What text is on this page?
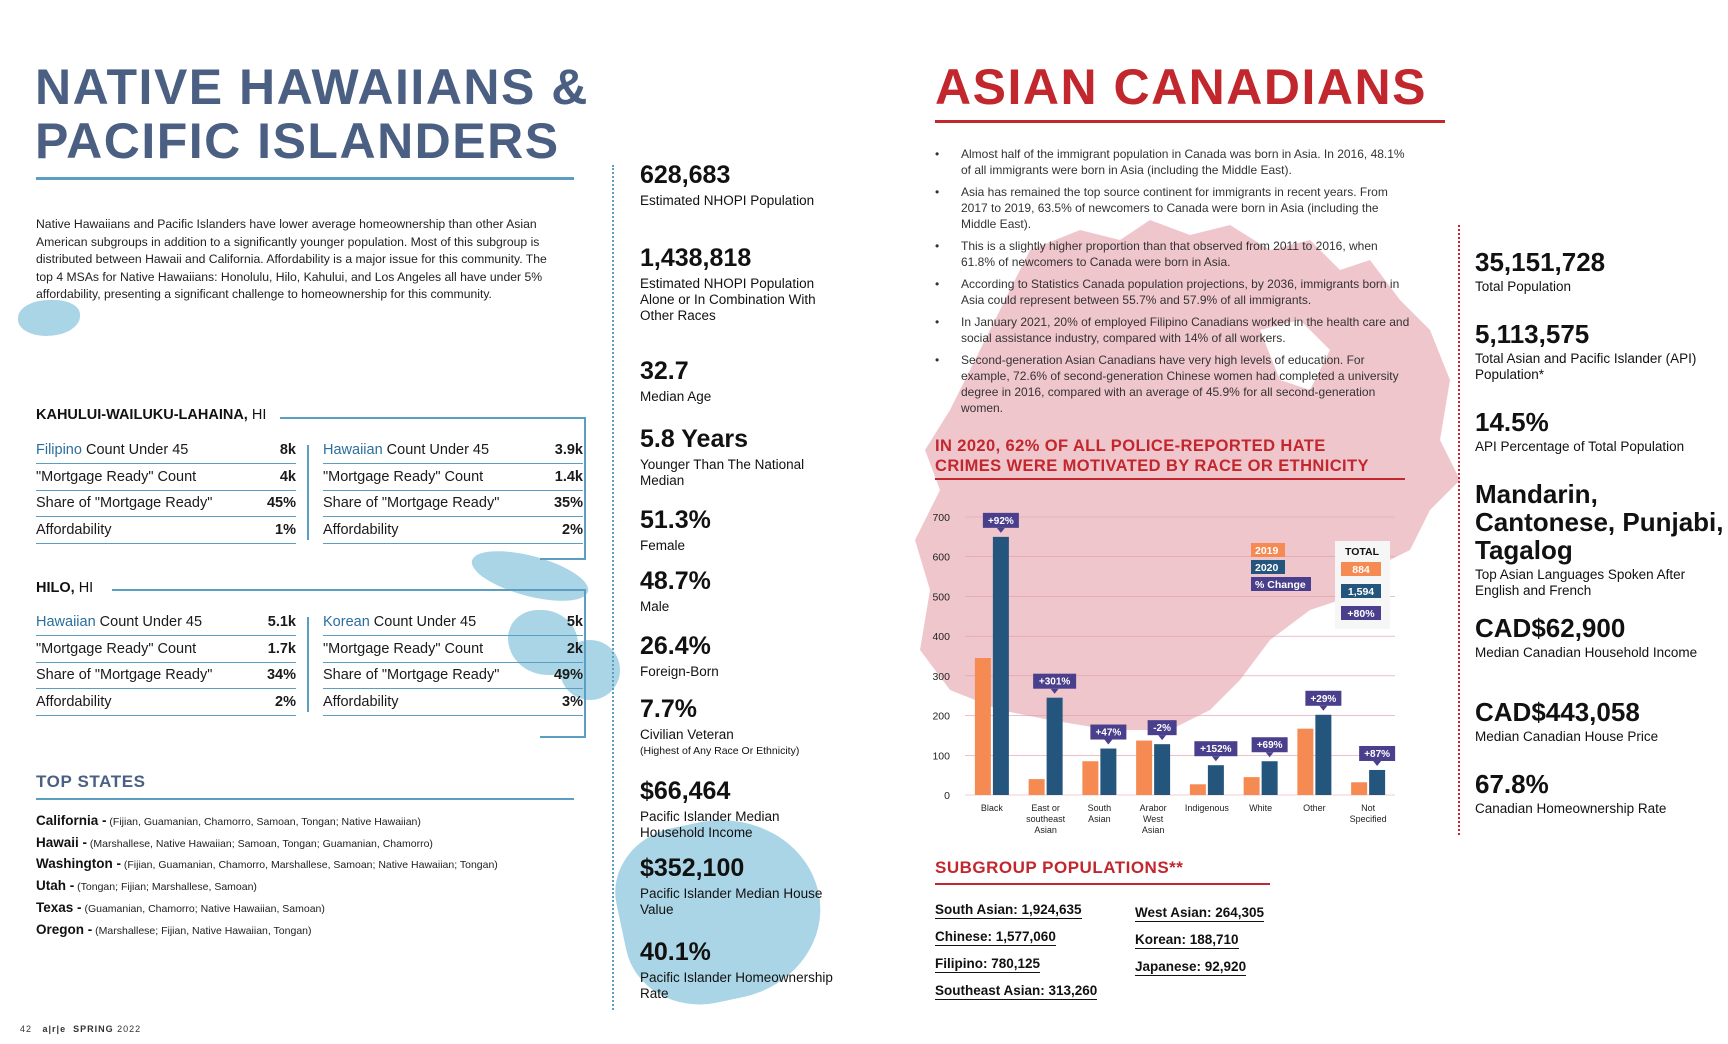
NATIVE HAWAIIANS &
PACIFIC ISLANDERS

Native Hawaiians and Pacific Islanders have lower average homeownership than other Asian American subgroups in addition to a significantly younger population. Most of this subgroup is distributed between Hawaii and California. Affordability is a major issue for this community. The top 4 MSAs for Native Hawaiians: Honolulu, Hilo, Kahului, and Los Angeles all have under 5% affordability, presenting a significant challenge to homeownership for this community.

KAHULUI-WAILUKU-LAHAINA, HI
Filipino Count Under 45	8k
"Mortgage Ready" Count	4k
Share of "Mortgage Ready"	45%
Affordability	1%
Hawaiian Count Under 45	3.9k
"Mortgage Ready" Count	1.4k
Share of "Mortgage Ready"	35%
Affordability	2%
HILO, HI
Hawaiian Count Under 45	5.1k
"Mortgage Ready" Count	1.7k
Share of "Mortgage Ready"	34%
Affordability	2%
Korean Count Under 45	5k
"Mortgage Ready" Count	2k
Share of "Mortgage Ready"	49%
Affordability	3%
TOP STATES
California - (Fijian, Guamanian, Chamorro, Samoan, Tongan; Native Hawaiian)
Hawaii - (Marshallese, Native Hawaiian; Samoan, Tongan; Guamanian, Chamorro)
Washington - (Fijian, Guamanian, Chamorro, Marshallese, Samoan; Native Hawaiian; Tongan)
Utah - (Tongan; Fijian; Marshallese, Samoan)
Texas - (Guamanian, Chamorro; Native Hawaiian, Samoan)
Oregon - (Marshallese; Fijian, Native Hawaiian, Tongan)
628,683
Estimated NHOPI Population
1,438,818
Estimated NHOPI Population Alone or In Combination With Other Races
32.7
Median Age
5.8 Years
Younger Than The National Median
51.3%
Female
48.7%
Male
26.4%
Foreign-Born
7.7%
Civilian Veteran
(Highest of Any Race Or Ethnicity)
$66,464
Pacific Islander Median Household Income
$352,100
Pacific Islander Median House Value
40.1%
Pacific Islander Homeownership Rate
42 a|r|e SPRING 2022
ASIAN CANADIANS
• Almost half of the immigrant population in Canada was born in Asia. In 2016, 48.1% of all immigrants were born in Asia (including the Middle East).
• Asia has remained the top source continent for immigrants in recent years. From 2017 to 2019, 63.5% of newcomers to Canada were born in Asia (including the Middle East).
• This is a slightly higher proportion than that observed from 2011 to 2016, when 61.8% of newcomers to Canada were born in Asia.
• According to Statistics Canada population projections, by 2036, immigrants born in Asia could represent between 55.7% and 57.9% of all immigrants.
• In January 2021, 20% of employed Filipino Canadians worked in the health care and social assistance industry, compared with 14% of all workers.
• Second-generation Asian Canadians have very high levels of education. For example, 72.6% of second-generation Chinese women had completed a university degree in 2016, compared with an average of 45.9% for all second-generation women.
IN 2020, 62% OF ALL POLICE-REPORTED HATE
CRIMES WERE MOTIVATED BY RACE OR ETHNICITY
0
100
200
300
400
500
600
700	+92%
Black
+301%
East or
southeast
Asian
+47%
South
Asian
-2%
Arabor
West
Asian
+152%
Indigenous
+69%
White
+29%
Other
+87%
Not
Specified
2019
2020
% Change
TOTAL
884
1,594
+80%
SUBGROUP POPULATIONS**
South Asian: 1,924,635
Chinese: 1,577,060
Filipino: 780,125
Southeast Asian: 313,260
West Asian: 264,305
Korean: 188,710
Japanese: 92,920
35,151,728
Total Population
5,113,575
Total Asian and Pacific Islander (API) Population*
14.5%
API Percentage of Total Population
Mandarin, Cantonese, Punjabi, Tagalog
Top Asian Languages Spoken After English and French
CAD$62,900
Median Canadian Household Income
CAD$443,058
Median Canadian House Price
67.8%
Canadian Homeownership Rate
